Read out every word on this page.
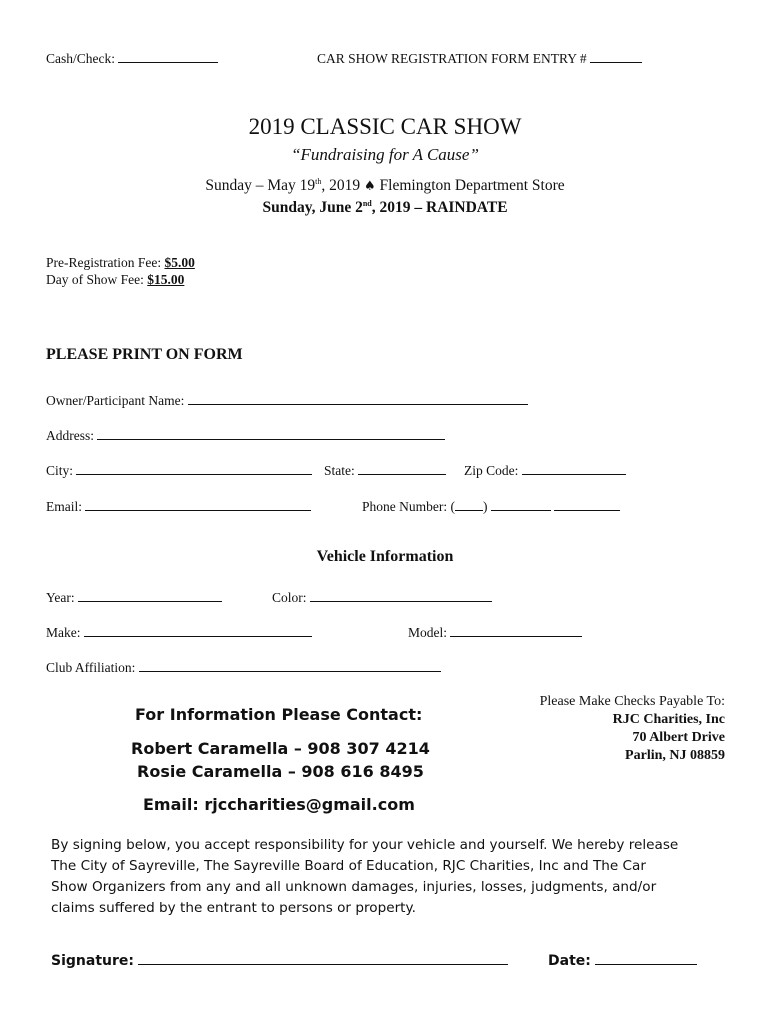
Cash/Check:	CAR SHOW REGISTRATION FORM ENTRY #
2019 CLASSIC CAR SHOW
“Fundraising for A Cause”
Sunday – May 19th, 2019 ♠ Flemington Department Store
Sunday, June 2nd, 2019 – RAINDATE
Pre-Registration Fee: $5.00
Day of Show Fee: $15.00
PLEASE PRINT ON FORM
Owner/Participant Name:
Address:
City:	State:	Zip Code:
Email:	Phone Number: ( )
Vehicle Information
Year:	Color:
Make:	Model:
Club Affiliation:
For Information Please Contact:
Robert Caramella – 908 307 4214
Rosie Caramella – 908 616 8495
Email: rjccharities@gmail.com
Please Make Checks Payable To:
RJC Charities, Inc
70 Albert Drive
Parlin, NJ 08859
By signing below, you accept responsibility for your vehicle and yourself. We hereby release
The City of Sayreville, The Sayreville Board of Education, RJC Charities, Inc and The Car
Show Organizers from any and all unknown damages, injuries, losses, judgments, and/or
claims suffered by the entrant to persons or property.
Signature:	Date:
